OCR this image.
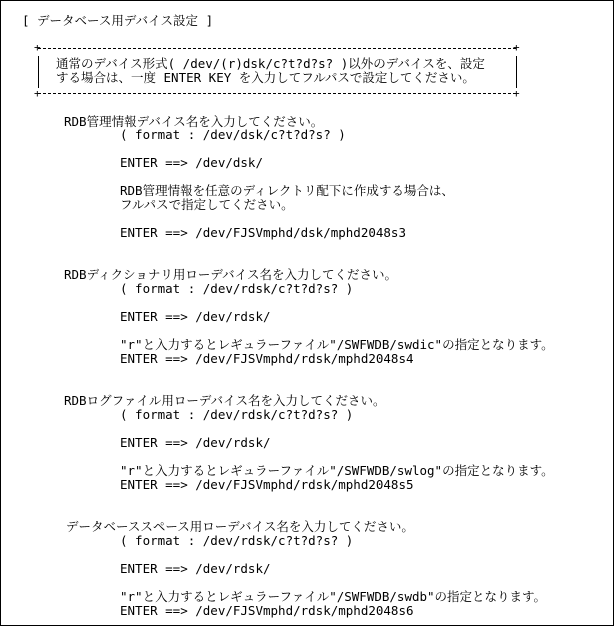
[ データベース用デバイス設定 ]
+	+
通常のデバイス形式( /dev/(r)dsk/c?t?d?s? )以外のデバイスを、設定
する場合は、一度 ENTER KEY を入力してフルパスで設定してください。
+	+
RDB管理情報デバイス名を入力してください。
( format : /dev/dsk/c?t?d?s? )
ENTER ==> /dev/dsk/
RDB管理情報を任意のディレクトリ配下に作成する場合は、
フルパスで指定してください。
ENTER ==> /dev/FJSVmphd/dsk/mphd2048s3
RDBディクショナリ用ローデバイス名を入力してください。
( format : /dev/rdsk/c?t?d?s? )
ENTER ==> /dev/rdsk/
"r"と入力するとレギュラーファイル"/SWFWDB/swdic"の指定となります。
ENTER ==> /dev/FJSVmphd/rdsk/mphd2048s4
RDBログファイル用ローデバイス名を入力してください。
( format : /dev/rdsk/c?t?d?s? )
ENTER ==> /dev/rdsk/
"r"と入力するとレギュラーファイル"/SWFWDB/swlog"の指定となります。
ENTER ==> /dev/FJSVmphd/rdsk/mphd2048s5
データベーススペース用ローデバイス名を入力してください。
( format : /dev/rdsk/c?t?d?s? )
ENTER ==> /dev/rdsk/
"r"と入力するとレギュラーファイル"/SWFWDB/swdb"の指定となります。
ENTER ==> /dev/FJSVmphd/rdsk/mphd2048s6
